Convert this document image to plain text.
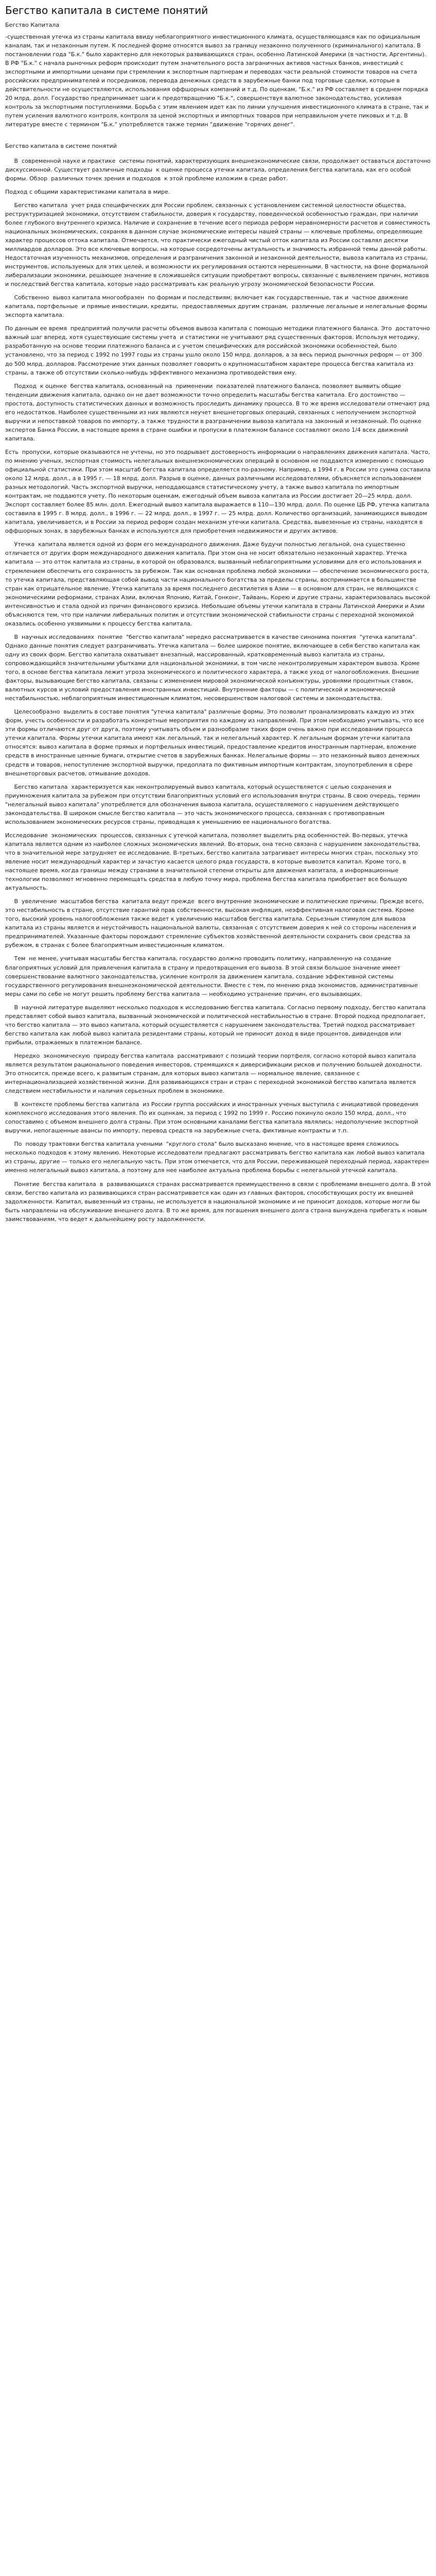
Бегство капитала в системе понятий
Бегство Капитала

-существенная утечка из страны капитала ввиду неблагоприятного инвестиционного климата, осуществляющаяся как по официальным каналам, так и незаконным путем. К последней форме относятся вывоз за границу незаконно полученного (криминального) капитала. В постановлении года "Б.к." было характерно для некоторых развивающихся стран, особенно Латинской Америки (в частности, Аргентины). В РФ "Б.к." с начала рыночных реформ происходит путем значительного роста заграничных активов частных банков, инвестиций с экспортными и импортными ценами при стремлении к экспортным партнерам и переводах части реальной стоимости товаров на счета российских предпринимателей и посредников, перевода денежных средств в зарубежные банки под торговые сделки, которые в действительности не осуществляются, использования оффшорных компаний и т.д. По оценкам, "Б.к." из РФ составляет в среднем порядка 20 млрд. долл. Государство предпринимает шаги к предотвращению "Б.к.", совершенствуя валютное законодательство, усиливая контроль за экспортными поступлениями. Борьба с этим явлением идет как по линии улучшения инвестиционного климата в стране, так и путем усиления валютного контроля, контроля за ценой экспортных и импортных товаров при неправильном учете пиковых и т.д. В литературе вместе с термином "Б.к." употребляется также термин "движение "горячих денег".

Бегство капитала в системе понятий

В  современной науке и практике  системы понятий, характеризующих внешнеэкономические связи, продолжает оставаться достаточно дискуссионной. Существует различные подходы  к оценке процесса утечки капитала, определения бегства капитала, как его особой формы. Обзор  различных точек зрения и подходов  к этой проблеме изложим в среде работ.

Подход с общими характеристиками капитала в мире.

Бегство капитала  учет ряда специфических для России проблем, связанных с установлением системной целостности общества, реструктуризацией экономики, отсутствием стабильности, доверия к государству, поведенческой особенностью граждан, при наличии более глубокого внутреннего кризиса. Наличие и сохранение в течение всего периода реформ неравномерности расчетов и совместимость национальных экономических, сохраняя в данном случае экономические интересы нашей страны — ключевые проблемы, определяющие характер процессов оттока капитала. Отмечается, что практически ежегодный чистый отток капитала из России составлял десятки миллиардов долларов. Это все ключевые вопросы, на которые сосредоточены актуальность и значимость избранной темы данной работы. Недостаточная изученность механизмов, определения и разграничения законной и незаконной деятельности, вывоза капитала из страны, инструментов, используемых для этих целей, и возможности их регулирования остаются нерешенными. В частности, на фоне формальной либерализации экономики, решающее значение в сложившейся ситуации приобретают вопросы, связанные с выявлением причин, мотивов и последствий бегства капитала, которые надо рассматривать как реальную угрозу экономической безопасности России.

Собственно  вывоз капитала многообразен  по формам и последствиям; включает как государственные, так и  частное движение капитала, портфельные  и прямые инвестиции, кредиты,  предоставляемых другим странам,  различные легальные и нелегальные формы экспорта капитала.

По данным ее время  предприятий получили расчеты объемов вывоза капитала с помощью методики платежного баланса. Это  достаточно важный шаг вперед, хотя существующие системы учета  и статистики не учитывают ряд существенных факторов. Используя методику, разработанную на основе теории платежного баланса и с учетом специфических для российской экономики особенностей, было установлено, что за период с 1992 по 1997 годы из страны ушло около 150 млрд. долларов, а за весь период рыночных реформ — от 300 до 500 млрд. долларов. Рассмотрение этих данных позволяет говорить о крупномасштабном характере процесса бегства капитала из страны, а также об отсутствии сколько-нибудь эффективного механизма противодействия ему.

Подход  к оценке  бегства капитала, основанный на  применении  показателей платежного баланса, позволяет выявить общие тенденции движения капитала, однако он не дает возможности точно определить масштабы бегства капитала. Его достоинство — простота, доступность статистических данных и возможность проследить динамику процесса. В то же время исследователи отмечают ряд его недостатков. Наиболее существенными из них являются неучет внешнеторговых операций, связанных с неполучением экспортной выручки и непоставкой товаров по импорту, а также трудности в разграничении вывоза капитала на законный и незаконный. По оценке экспертов Банка России, в настоящее время в стране ошибки и пропуски в платежном балансе составляют около 1/4 всех движений капитала.

Есть  пропуски, которые оказываются не учтены, но это подрывает достоверность информации о направлениях движения капитала. Часто, по мнению ученых, экспортная стоимость нелегальных внешнеэкономических операций в основном не поддаются измерению с помощью официальной статистики. При этом масштаб бегства капитала определяется по-разному. Например, в 1994 г. в России это сумма составила около 12 млрд. долл., а в 1995 г. — 18 млрд. долл. Разрыв в оценке, данных различными исследователями, объясняется использованием разных методологий. Часть экспортной выручки, неподдающаяся статистическому учету, а также вывоз капитала по импортным контрактам, не поддаются учету. По некоторым оценкам, ежегодный объем вывоза капитала из России достигает 20—25 млрд. долл. Экспорт составляет более 85 млн. долл. Ежегодный вывоз капитала выражается в 110—130 млрд. долл. По оценке ЦБ РФ, утечка капитала составила в 1995 г. 8 млрд. долл., в 1996 г. — 22 млрд. долл., в 1997 г. — 25 млрд. долл. Количество организаций, занимающихся выводом капитала, увеличивается, и в России за период реформ создан механизм утечки капитала. Средства, вывезенные из страны, находятся в оффшорных зонах, в зарубежных банках и используются для приобретения недвижимости и других активов.

Утечка  капитала является одной из форм его международного движения. Даже будучи полностью легальной, она существенно отличается от других форм международного движения капитала. При этом она не носит обязательно незаконный характер. Утечка капитала — это отток капитала из страны, в которой он образовался, вызванный неблагоприятными условиями для его использования и стремлением обеспечить его сохранность за рубежом. Так как основная проблема любой экономики — обеспечение экономического роста, то утечка капитала, представляющая собой вывод части национального богатства за пределы страны, воспринимается в большинстве стран как отрицательное явление. Утечка капитала за время последнего десятилетия в Азии — в основном для стран, не являющихся с экономическими реформами, странах Азии, включая Японию, Китай, Гонконг, Тайвань, Корею и другие страны, характеризовалась высокой интенсивностью и стала одной из причин финансового кризиса. Небольшие объемы утечки капитала в страны Латинской Америки и Азии объясняются тем, что при наличии либеральных политик и отсутствии экономической стабильности страны с переходной экономикой оказались особенно уязвимыми к процессу бегства капитала.

В  научных исследованиях  понятие  "бегство капитала" нередко рассматривается в качестве синонима понятия  "утечка капитала". Однако данные понятия следует разграничивать. Утечка капитала — более широкое понятие, включающее в себя бегство капитала как одну из своих форм. Бегство капитала охватывает внезапный, массированный, кратковременный вывоз капитала из страны, сопровождающийся значительными убытками для национальной экономики, в том числе неконтролируемым характером вывоза. Кроме того, в основе бегства капитала лежит угроза экономического и политического характера, а также уход от налогообложения. Внешние факторы, вызывающие бегство капитала, связаны с изменением мировой экономической конъюнктуры, уровнями процентных ставок, валютных курсов и условий предоставления иностранных инвестиций. Внутренние факторы — с политической и экономической нестабильностью, неблагоприятным инвестиционным климатом, несовершенством налоговой системы и законодательства.

Целесообразно  выделить в составе понятия "утечка капитала" различные формы. Это позволит проанализировать каждую из этих форм, учесть особенности и разработать конкретные мероприятия по каждому из направлений. При этом необходимо учитывать, что все эти формы отличаются друг от друга, поэтому учитывать объем и разнообразие таких форм очень важно при исследовании процесса утечки капитала. Формы утечки капитала имеют как легальный, так и нелегальный характер. К легальным формам утечки капитала относятся: вывоз капитала в форме прямых и портфельных инвестиций, предоставление кредитов иностранным партнерам, вложение средств в иностранные ценные бумаги, открытие счетов в зарубежных банках. Нелегальные формы — это незаконный вывоз денежных средств и товаров, непоступление экспортной выручки, предоплата по фиктивным импортным контрактам, злоупотребления в сфере внешнеторговых расчетов, отмывание доходов.

Бегство капитала  характеризуется как неконтролируемый вывоз капитала, который осуществляется с целью сохранения и приумножения капитала за рубежом при отсутствии благоприятных условий его использования внутри страны. В свою очередь, термин "нелегальный вывоз капитала" употребляется для обозначения вывоза капитала, осуществляемого с нарушением действующего законодательства. В широком смысле бегство капитала — это часть экономического процесса, связанная с противоправным использованием экономических ресурсов страны, приводящая к уменьшению ее национального богатства.

Исследование  экономических  процессов, связанных с утечкой капитала, позволяет выделить ряд особенностей. Во-первых, утечка капитала является одним из наиболее сложных экономических явлений. Во-вторых, она тесно связана с нарушением законодательства, что в значительной мере затрудняет ее исследование. В-третьих, бегство капитала затрагивает интересы многих стран, поскольку это явление носит международный характер и зачастую касается целого ряда государств, в которые вывозится капитал. Кроме того, в настоящее время, когда границы между странами в значительной степени открыты для движения капитала, а информационные технологии позволяют мгновенно перемещать средства в любую точку мира, проблема бегства капитала приобретает все большую актуальность.

В  увеличение  масштабов бегства  капитала ведут прежде  всего внутренние экономические и политические причины. Прежде всего, это нестабильность в стране, отсутствие гарантий прав собственности, высокая инфляция, неэффективная налоговая система. Кроме того, высокий уровень налогообложения также ведет к увеличению масштабов бегства капитала. Серьезным стимулом для вывоза капитала из страны является и неустойчивость национальной валюты, связанная с отсутствием доверия к ней со стороны населения и предпринимателей. Указанные факторы порождают стремление субъектов хозяйственной деятельности сохранить свои средства за рубежом, в странах с более благоприятным инвестиционным климатом.

Тем  не менее, учитывая масштабы бегства капитала, государство должно проводить политику, направленную на создание благоприятных условий для привлечения капитала в страну и предотвращения его вывоза. В этой связи большое значение имеет совершенствование валютного законодательства, усиление контроля за движением капитала, создание эффективной системы государственного регулирования внешнеэкономической деятельности. Вместе с тем, по мнению ряда экономистов, административные меры сами по себе не могут решить проблему бегства капитала — необходимо устранение причин, его вызывающих.

В  научной литературе выделяют несколько подходов к исследованию бегства капитала. Согласно первому подходу, бегство капитала представляет собой вывоз капитала, вызванный экономической и политической нестабильностью в стране. Второй подход предполагает, что бегство капитала — это вывоз капитала, который осуществляется с нарушением законодательства. Третий подход рассматривает бегство капитала как любой вывоз капитала резидентами страны, который не приносит доход в виде процентов, дивидендов или прибыли, отражаемых в платежном балансе.

Нередко  экономическую  природу бегства капитала  рассматривают с позиций теории портфеля, согласно которой вывоз капитала является результатом рационального поведения инвесторов, стремящихся к диверсификации рисков и получению большей доходности. Это относится, прежде всего, к развитым странам, для которых вывоз капитала — нормальное явление, связанное с интернационализацией хозяйственной жизни. Для развивающихся стран и стран с переходной экономикой бегство капитала является следствием нестабильности и наличия серьезных проблем в экономике.

В  контексте проблемы бегства капитала  из России группа российских и иностранных ученых выступила с инициативой проведения комплексного исследования этого явления. По их оценкам, за период с 1992 по 1999 г. Россию покинуло около 150 млрд. долл., что сопоставимо с объемом внешнего долга страны. При этом основными каналами бегства капитала являлись: недополучение экспортной выручки, непогашенные авансы по импорту, перевод средств на зарубежные счета, фиктивные контракты и т.п.

По  поводу трактовки бегства капитала учеными  "круглого стола" было высказано мнение, что в настоящее время сложилось несколько подходов к этому явлению. Некоторые исследователи предлагают рассматривать бегство капитала как любой вывоз капитала из страны, другие — только его нелегальную часть. При этом отмечается, что для России, переживающей переходный период, характерен именно нелегальный вывоз капитала, а поэтому для нее наиболее актуальна проблема борьбы с нелегальной утечкой капитала.

Понятие  бегства капитала  в  развивающихся странах рассматривается преимущественно в связи с проблемами внешнего долга. В этой связи, бегство капитала из развивающихся стран рассматривается как один из главных факторов, способствующих росту их внешней задолженности. Капитал, вывезенный из страны, не используется в национальной экономике и не приносит доходов, которые могли бы быть направлены на обслуживание внешнего долга. В то же время, для погашения внешнего долга страна вынуждена прибегать к новым заимствованиям, что ведет к дальнейшему росту задолженности.
